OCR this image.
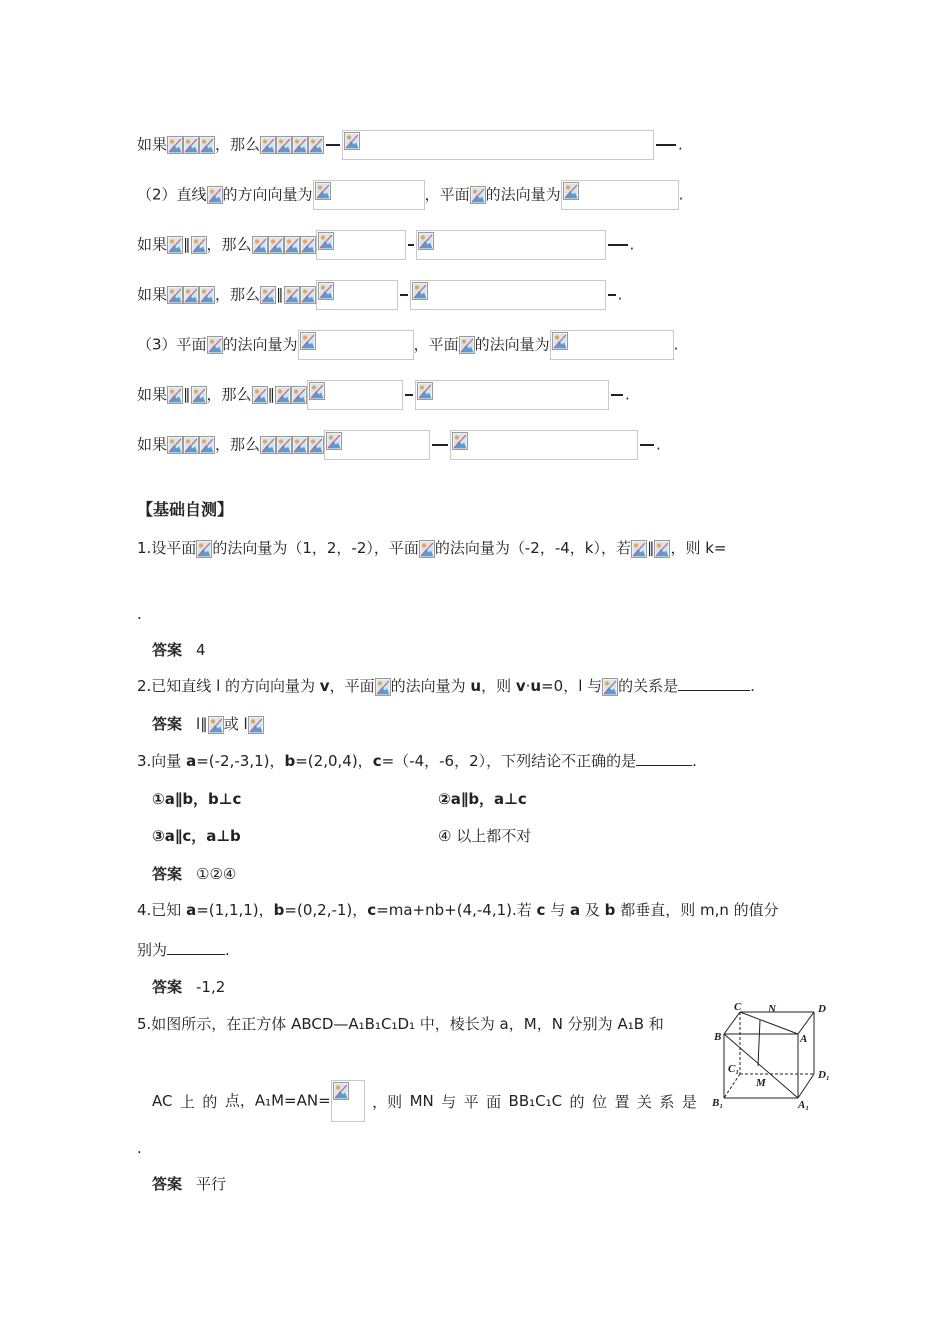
如果	，那么	.
（2）直线 的方向向量为	，平面 的法向量为	.
如果 ∥ ，那么	.
如果	，那么 ∥	.
（3）平面 的法向量为	，平面 的法向量为	.
如果 ∥ ，那么 ∥	.
如果	，那么	.
【基础自测】
1.设平面 的法向量为（1，2，-2），平面 的法向量为（-2，-4，k），若 ∥ ，则 k=
.
答案 4
2.已知直线 l 的方向向量为 v，平面 的法向量为 u，则 v·u=0，l 与 的关系是	.
答案 l∥ 或 l
3.向量 a=(-2,-3,1)，b=(2,0,4)，c=（-4，-6，2），下列结论不正确的是	.
①a∥b，b⊥c	②a∥b，a⊥c
③a∥c，a⊥b	④ 以上都不对
答案 ①②④
4.已知 a=(1,1,1)，b=(0,2,-1)，c=ma+nb+(4,-4,1).若 c 与 a 及 b 都垂直，则 m,n 的值分
别为	.
答案 -1,2
5.如图所示，在正方体 ABCD—A₁B₁C₁D₁ 中，棱长为 a，M，N 分别为 A₁B 和
AC 上 的 点，A₁M=AN=	，则 MN 与 平 面 BB₁C₁C 的 位 置 关 系 是
.
答案 平行
C N	D
B	A
C₁	D₁
M
B₁	A₁
